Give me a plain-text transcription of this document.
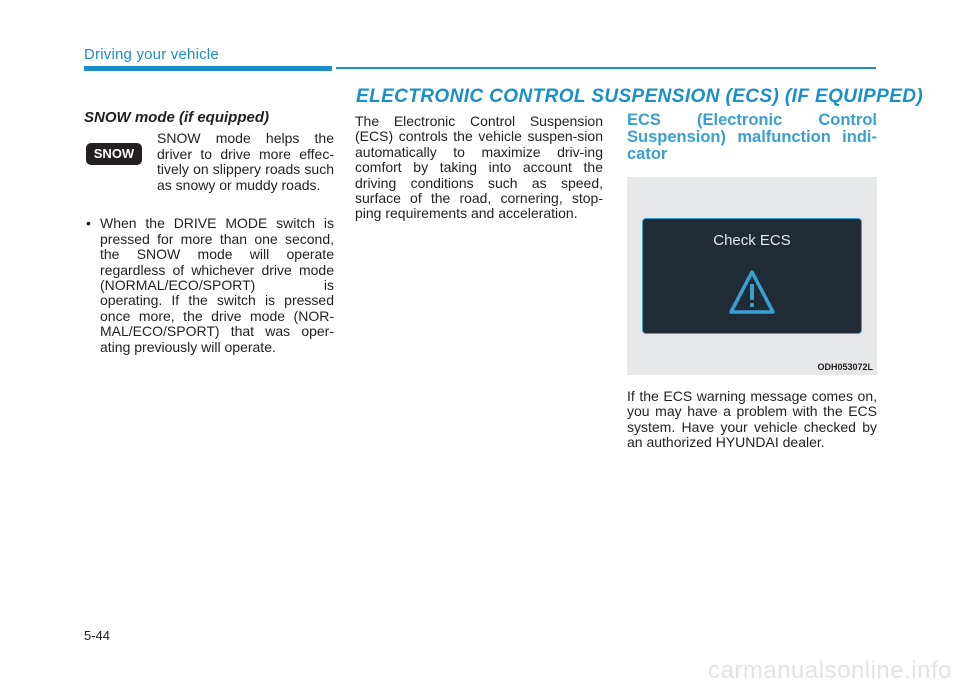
Driving your vehicle
ELECTRONIC CONTROL SUSPENSION (ECS) (IF EQUIPPED)
SNOW mode (if equipped)
SNOW

SNOW mode helps the driver to drive more effec-tively on slippery roads such as snowy or muddy roads.

• When the DRIVE MODE switch is pressed for more than one second, the SNOW mode will operate regardless of whichever drive mode (NORMAL/ECO/SPORT) is operating. If the switch is pressed once more, the drive mode (NOR-MAL/ECO/SPORT) that was oper-ating previously will operate.

The Electronic Control Suspension (ECS) controls the vehicle suspen-sion automatically to maximize driv-ing comfort by taking into account the driving conditions such as speed, surface of the road, cornering, stop-ping requirements and acceleration.

ECS (Electronic Control Suspension) malfunction indi-cator
Check ECS
ODH053072L

If the ECS warning message comes on, you may have a problem with the ECS system. Have your vehicle checked by an authorized HYUNDAI dealer.

5-44
carmanualsonline.info
